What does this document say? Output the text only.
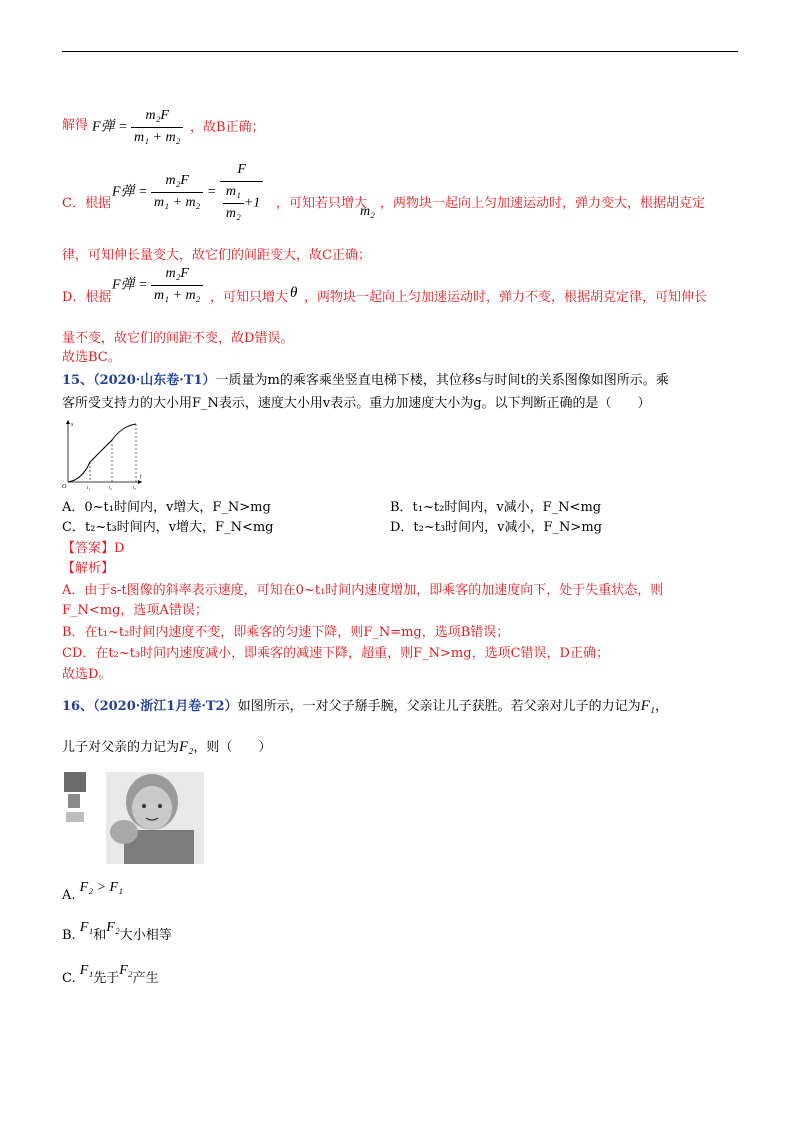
解得 F弹 = $\frac{\text{m₂F}}{\text{m₁ + m₂}}$ ，故B正确；
C．根据
F弹 = $\frac{\text{m₂F}}{\text{m₁ + m₂}} = \frac{F}{\frac{\text{m₁}}{\text{m₂}} +1}$ ，可知若只增大
m₂
，两物块一起向上匀加速运动时，弹力变大，根据胡克定
律，可知伸长量变大，故它们的间距变大，故C正确；
D．根据
F弹 = $\frac{\text{m₂F}}{\text{m₁ + m₂}}$ ，可知只增大 θ ，两物块一起向上匀加速运动时，弹力不变，根据胡克定律，可知伸长
量不变，故它们的间距不变，故D错误。
故选BC。
15、（2020·山东卷·T1）一质量为m的乘客乘坐竖直电梯下楼，其位移s与时间t的关系图像如图所示。乘
客所受支持力的大小用F_N表示，速度大小用v表示。重力加速度大小为g。以下判断正确的是（　　）
s
t
O	t₁	t₂	t₃
A．0~t₁时间内，v增大，F_N>mg	B．t₁~t₂时间内，v减小，F_N<mg
C．t₂~t₃时间内，v增大，F_N<mg	D．t₂~t₃时间内，v减小，F_N>mg
【答案】D
【解析】
A．由于s-t图像的斜率表示速度，可知在0~t₁时间内速度增加，即乘客的加速度向下，处于失重状态，则
F_N<mg，选项A错误；
B．在t₁~t₂时间内速度不变，即乘客的匀速下降，则F_N=mg，选项B错误；
CD．在t₂~t₃时间内速度减小，即乘客的减速下降，超重，则F_N>mg，选项C错误，D正确；
故选D。
16、（2020·浙江1月卷·T2）如图所示，一对父子掰手腕，父亲让儿子获胜。若父亲对儿子的力记为F₁，
儿子对父亲的力记为F₂，则（　　）
A. F₂ > F₁
B. F₁和F₂大小相等
C. F₁先于F₂产生
